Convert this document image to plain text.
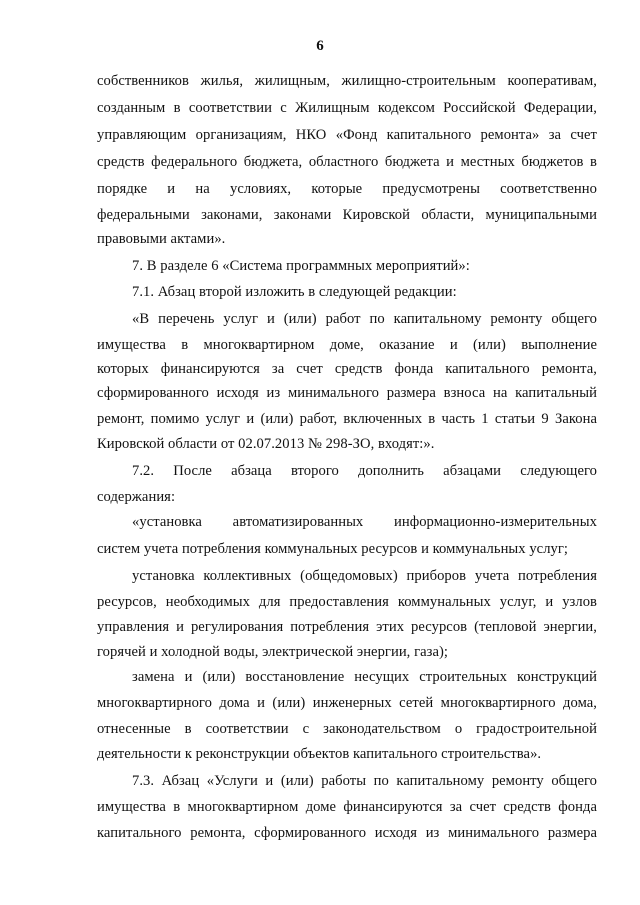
6
собственников жилья, жилищным, жилищно-строительным кооперативам,
созданным в соответствии с Жилищным кодексом Российской Федерации,
управляющим организациям, НКО «Фонд капитального ремонта» за счет
средств федерального бюджета, областного бюджета и местных бюджетов в
порядке и на условиях, которые предусмотрены соответственно
федеральными законами, законами Кировской области, муниципальными
правовыми актами».
7. В разделе 6 «Система программных мероприятий»:
7.1. Абзац второй изложить в следующей редакции:
«В перечень услуг и (или) работ по капитальному ремонту общего
имущества в многоквартирном доме, оказание и (или) выполнение
которых финансируются за счет средств фонда капитального ремонта,
сформированного исходя из минимального размера взноса на капитальный
ремонт, помимо услуг и (или) работ, включенных в часть 1 статьи 9 Закона
Кировской области от 02.07.2013 № 298-ЗО, входят:».
7.2. После абзаца второго дополнить абзацами следующего
содержания:
«установка автоматизированных информационно-измерительных
систем учета потребления коммунальных ресурсов и коммунальных услуг;
установка коллективных (общедомовых) приборов учета потребления
ресурсов, необходимых для предоставления коммунальных услуг, и узлов
управления и регулирования потребления этих ресурсов (тепловой энергии,
горячей и холодной воды, электрической энергии, газа);
замена и (или) восстановление несущих строительных конструкций
многоквартирного дома и (или) инженерных сетей многоквартирного дома,
отнесенные в соответствии с законодательством о градостроительной
деятельности к реконструкции объектов капитального строительства».
7.3. Абзац «Услуги и (или) работы по капитальному ремонту общего
имущества в многоквартирном доме финансируются за счет средств фонда
капитального ремонта, сформированного исходя из минимального размера
